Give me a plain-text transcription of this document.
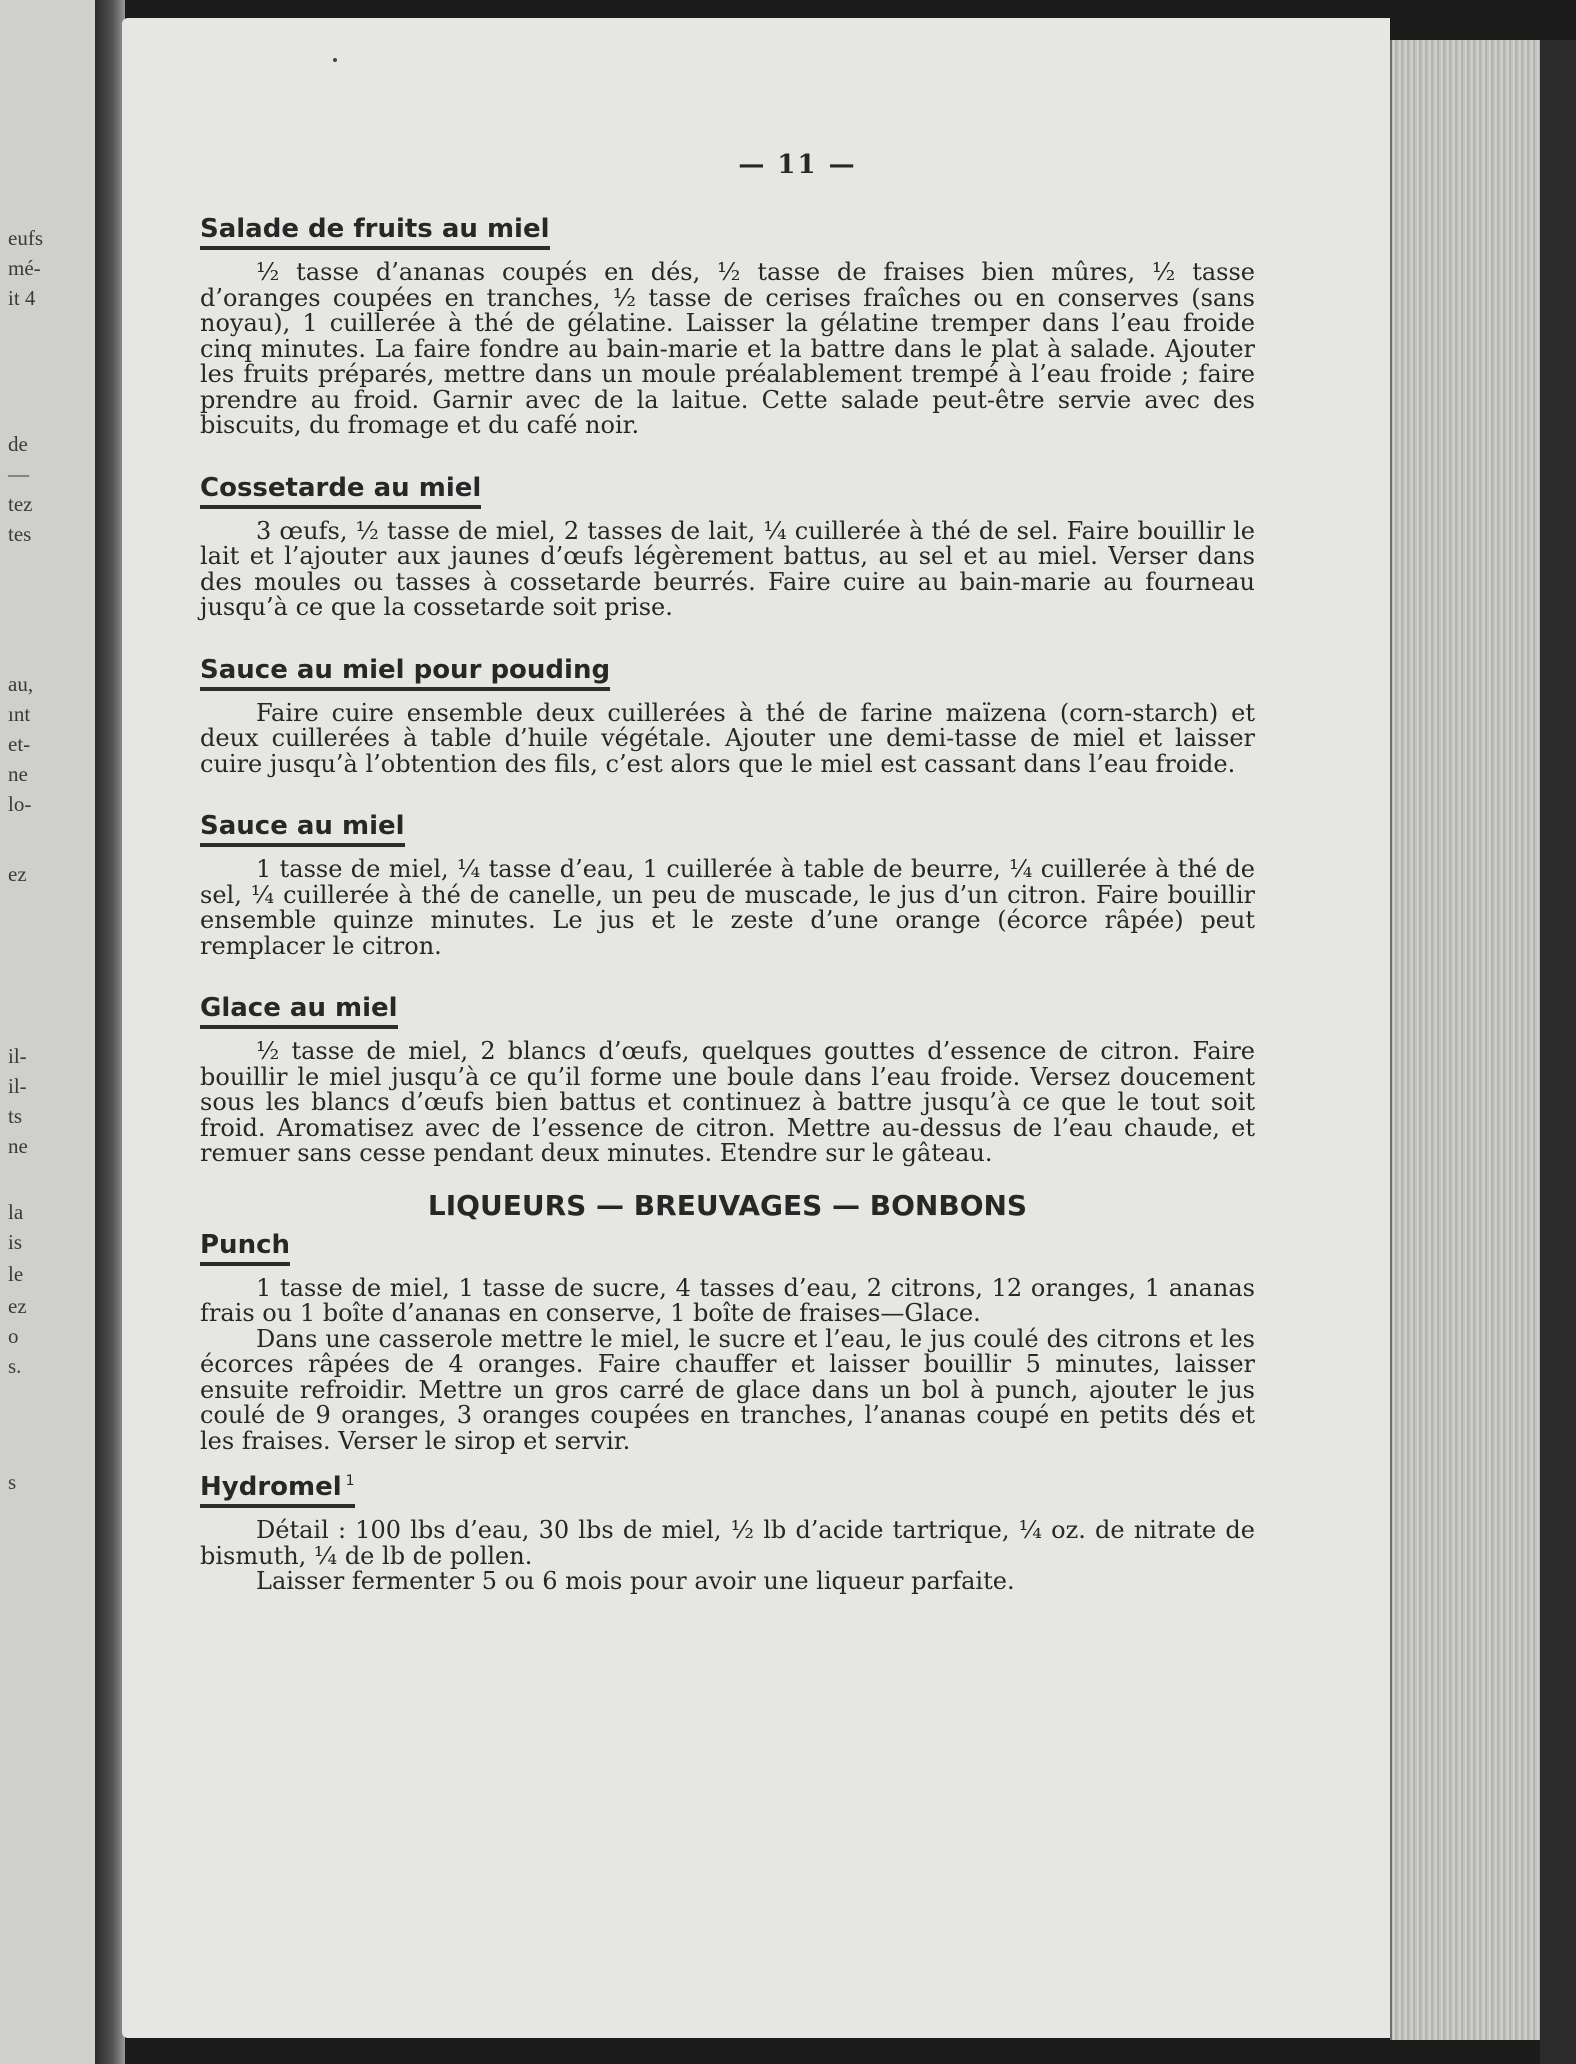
eufs
mé-
it 4
de
—
tez
tes
au,
ınt
et-
ne
lo-
ez
il-
il-
ts
ne
la
is
le
ez
o
s.
s
— 11 —
Salade de fruits au miel

½ tasse d’ananas coupés en dés, ½ tasse de fraises bien mûres, ½ tasse d’oranges coupées en tranches, ½ tasse de cerises fraîches ou en conserves (sans noyau), 1 cuillerée à thé de gélatine. Laisser la gélatine tremper dans l’eau froide cinq minutes. La faire fondre au bain-marie et la battre dans le plat à salade. Ajouter les fruits préparés, mettre dans un moule préalablement trempé à l’eau froide ; faire prendre au froid. Garnir avec de la laitue. Cette salade peut-être servie avec des biscuits, du fromage et du café noir.

Cossetarde au miel

3 œufs, ½ tasse de miel, 2 tasses de lait, ¼ cuillerée à thé de sel. Faire bouillir le lait et l’ajouter aux jaunes d’œufs légèrement battus, au sel et au miel. Verser dans des moules ou tasses à cossetarde beurrés. Faire cuire au bain-marie au fourneau jusqu’à ce que la cossetarde soit prise.

Sauce au miel pour pouding

Faire cuire ensemble deux cuillerées à thé de farine maïzena (corn-starch) et deux cuillerées à table d’huile végétale. Ajouter une demi-tasse de miel et laisser cuire jusqu’à l’obtention des fils, c’est alors que le miel est cassant dans l’eau froide.

Sauce au miel

1 tasse de miel, ¼ tasse d’eau, 1 cuillerée à table de beurre, ¼ cuillerée à thé de sel, ¼ cuillerée à thé de canelle, un peu de muscade, le jus d’un citron. Faire bouillir ensemble quinze minutes. Le jus et le zeste d’une orange (écorce râpée) peut remplacer le citron.

Glace au miel

½ tasse de miel, 2 blancs d’œufs, quelques gouttes d’essence de citron. Faire bouillir le miel jusqu’à ce qu’il forme une boule dans l’eau froide. Versez doucement sous les blancs d’œufs bien battus et continuez à battre jusqu’à ce que le tout soit froid. Aromatisez avec de l’essence de citron. Mettre au-dessus de l’eau chaude, et remuer sans cesse pendant deux minutes. Etendre sur le gâteau.

LIQUEURS — BREUVAGES — BONBONS
Punch

1 tasse de miel, 1 tasse de sucre, 4 tasses d’eau, 2 citrons, 12 oranges, 1 ananas frais ou 1 boîte d’ananas en conserve, 1 boîte de fraises—Glace.

Dans une casserole mettre le miel, le sucre et l’eau, le jus coulé des citrons et les écorces râpées de 4 oranges. Faire chauffer et laisser bouillir 5 minutes, laisser ensuite refroidir. Mettre un gros carré de glace dans un bol à punch, ajouter le jus coulé de 9 oranges, 3 oranges coupées en tranches, l’ananas coupé en petits dés et les fraises. Verser le sirop et servir.

Hydromel $^1$

Détail : 100 lbs d’eau, 30 lbs de miel, ½ lb d’acide tartrique, ¼ oz. de nitrate de bismuth, ¼ de lb de pollen.

Laisser fermenter 5 ou 6 mois pour avoir une liqueur parfaite.
